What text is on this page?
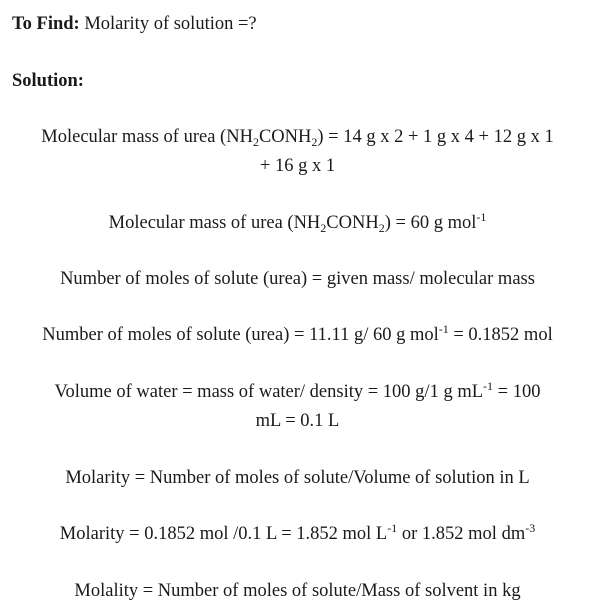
To Find: Molarity of solution =?
Solution:
Molecular mass of urea $(NH_2CONH_2) = 14$ g x 2 + 1 g x 4 + 12 g x 1
+ 16 g x 1
Molecular mass of urea $(NH_2CONH_2) = 60$ g mol$^{-1}$
Number of moles of solute (urea) = given mass/ molecular mass
Number of moles of solute (urea) = 11.11 g/ 60 g mol$^{-1}$ = 0.1852 mol
Volume of water = mass of water/ density = 100 g/1 g $mL^{-1} = 100$
mL = 0.1 L
Molarity = Number of moles of solute/Volume of solution in L
Molarity = 0.1852 mol /0.1 L = 1.852 mol $L^{-1}$ or 1.852 mol $dm^{-3}$
Molality = Number of moles of solute/Mass of solvent in kg
